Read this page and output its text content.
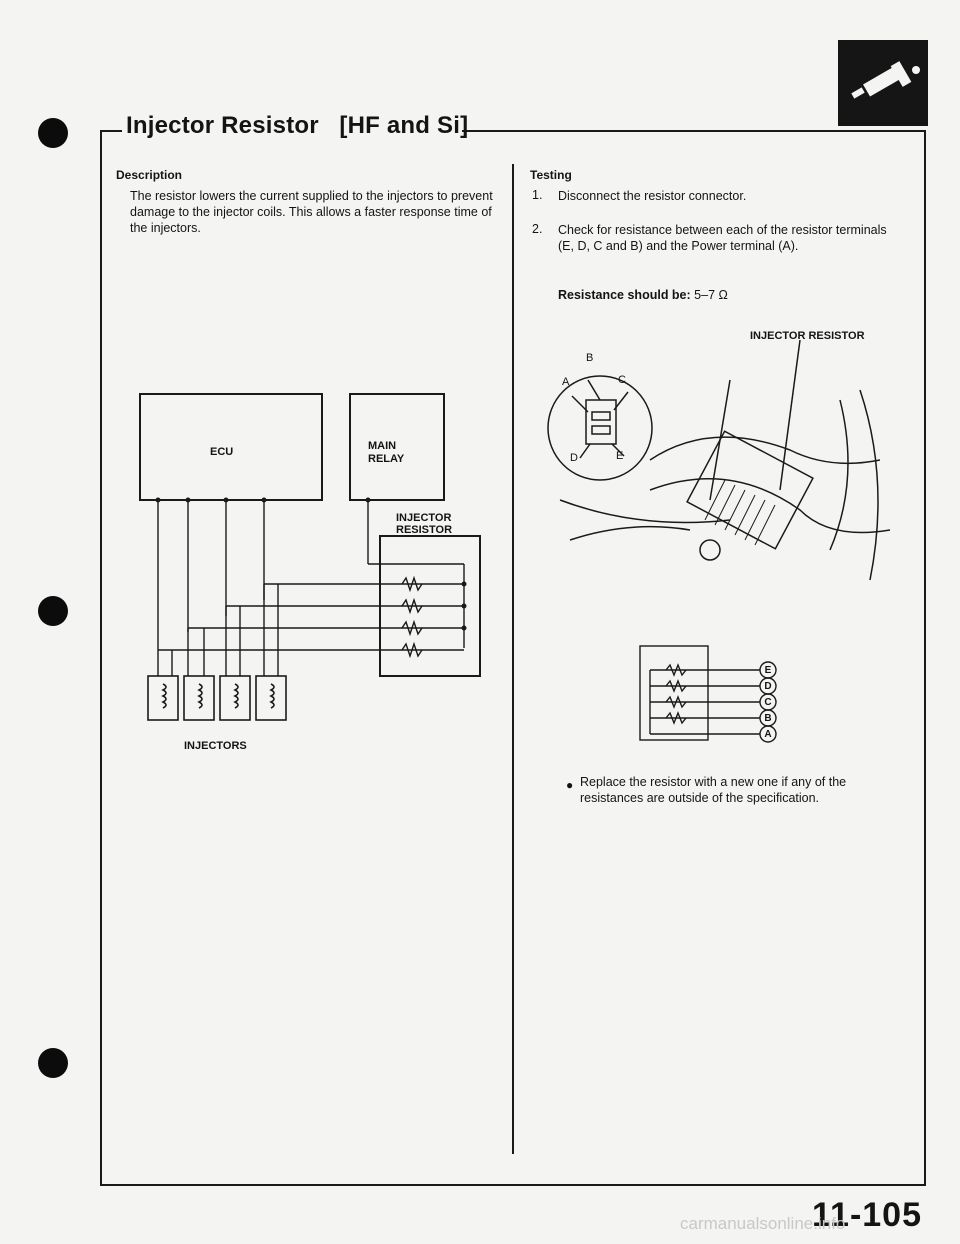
Injector Resistor [HF and Si]
Description
The resistor lowers the current supplied to the injectors to prevent damage to the injector coils. This allows a faster response time of the injectors.
ECU	MAIN
RELAY
INJECTOR
RESISTOR
INJECTORS
Testing
1. Disconnect the resistor connector.
2. Check for resistance between each of the resistor terminals (E, D, C and B) and the Power terminal (A).
Resistance should be: 5–7 Ω
INJECTOR RESISTOR
B
A	C
D	E
E
D
C
B
A
● Replace the resistor with a new one if any of the resistances are outside of the specification.
11-105
carmanualsonline.info
